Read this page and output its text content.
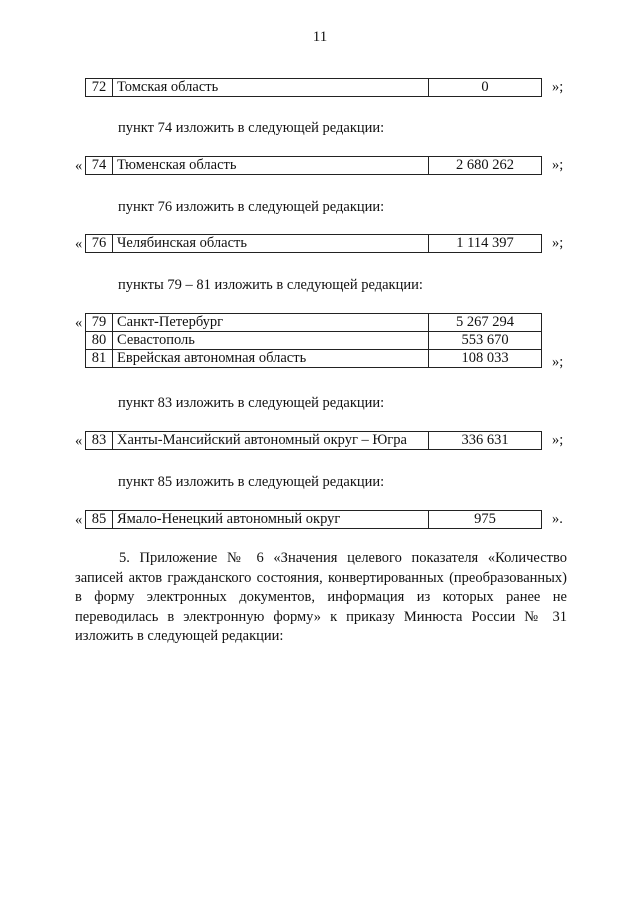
11
72	Томская область	0	»;
пункт 74 изложить в следующей редакции:
« 74	Тюменская область	2 680 262	»;
пункт 76 изложить в следующей редакции:
« 76	Челябинская область	1 114 397	»;
пункты 79 – 81 изложить в следующей редакции:
« 79	Санкт-Петербург	5 267 294
80	Севастополь	553 670
81	Еврейская автономная область	108 033	»;
пункт 83 изложить в следующей редакции:
« 83	Ханты-Мансийский автономный округ – Югра	336 631	»;
пункт 85 изложить в следующей редакции:
« 85	Ямало-Ненецкий автономный округ	975	».

5. Приложение № 6 «Значения целевого показателя «Количество записей актов гражданского состояния, конвертированных (преобразованных) в форму электронных документов, информация из которых ранее не переводилась в электронную форму» к приказу Минюста России № 31 изложить в следующей редакции:
